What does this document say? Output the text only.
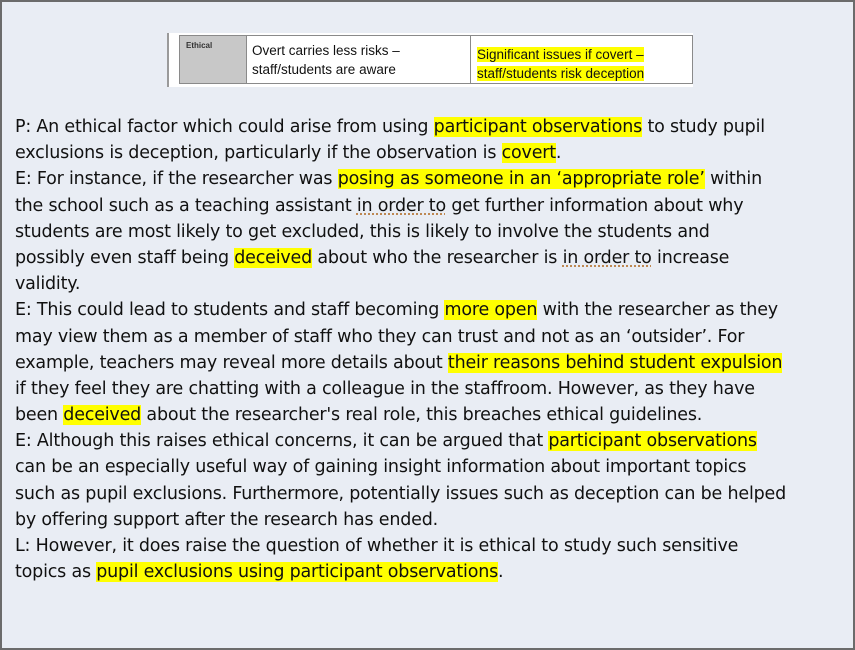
Ethical	Overt carries less risks –
staff/students are aware
Significant issues if covert –
staff/students risk deception
P: An ethical factor which could arise from using participant observations to study pupil
exclusions is deception, particularly if the observation is covert.
E: For instance, if the researcher was posing as someone in an ‘appropriate role’ within
the school such as a teaching assistant in order to get further information about why
students are most likely to get excluded, this is likely to involve the students and
possibly even staff being deceived about who the researcher is in order to increase
validity.
E: This could lead to students and staff becoming more open with the researcher as they
may view them as a member of staff who they can trust and not as an ‘outsider’. For
example, teachers may reveal more details about their reasons behind student expulsion
if they feel they are chatting with a colleague in the staffroom. However, as they have
been deceived about the researcher's real role, this breaches ethical guidelines.
E: Although this raises ethical concerns, it can be argued that participant observations
can be an especially useful way of gaining insight information about important topics
such as pupil exclusions. Furthermore, potentially issues such as deception can be helped
by offering support after the research has ended.
L: However, it does raise the question of whether it is ethical to study such sensitive
topics as pupil exclusions using participant observations.
